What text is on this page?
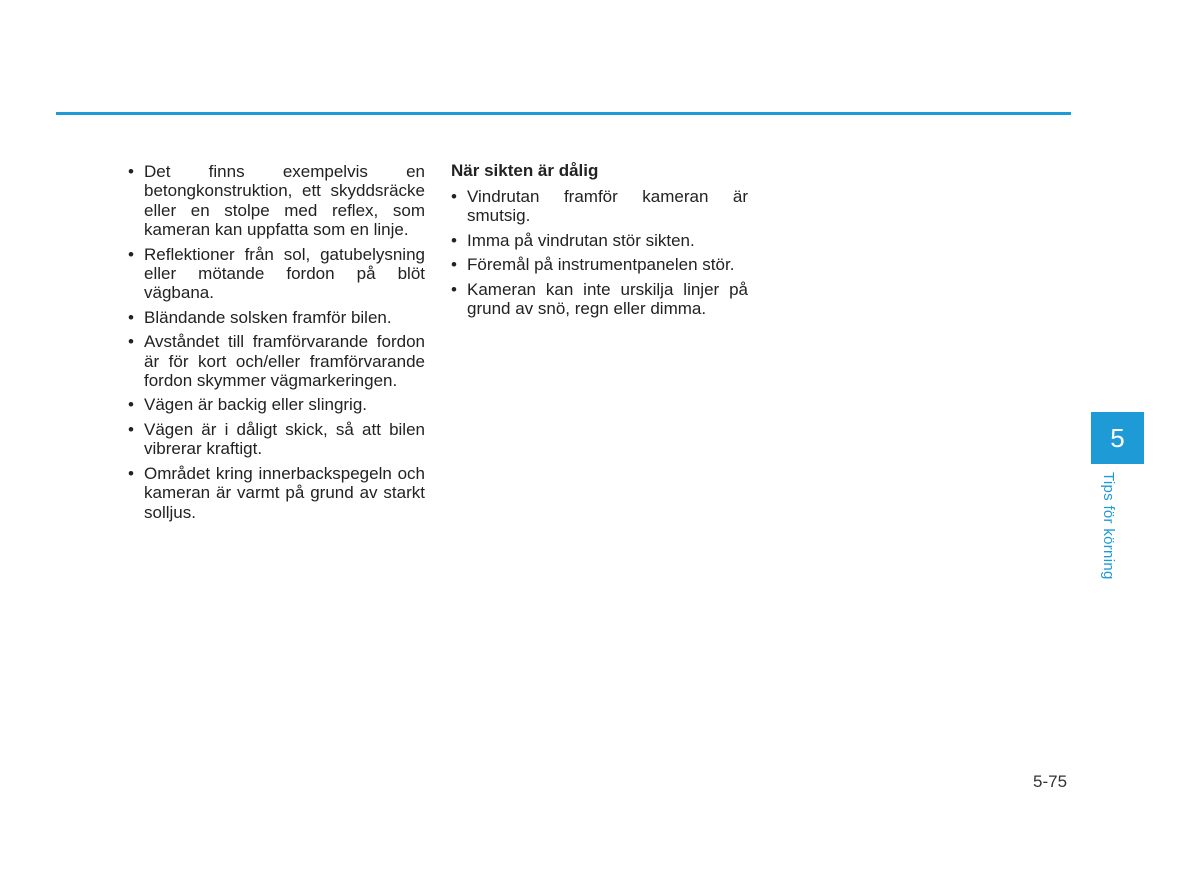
• Det finns exempelvis en betongkonstruktion, ett skyddsräcke eller en stolpe med reflex, som kameran kan uppfatta som en linje.
• Reflektioner från sol, gatubelysning eller mötande fordon på blöt vägbana.
• Bländande solsken framför bilen.
• Avståndet till framförvarande fordon är för kort och/eller framförvarande fordon skymmer vägmarkeringen.
• Vägen är backig eller slingrig.
• Vägen är i dåligt skick, så att bilen vibrerar kraftigt.
• Området kring innerbackspegeln och kameran är varmt på grund av starkt solljus.
När sikten är dålig
• Vindrutan framför kameran är smutsig.
• Imma på vindrutan stör sikten.
• Föremål på instrumentpanelen stör.
• Kameran kan inte urskilja linjer på grund av snö, regn eller dimma.
5
Tips för körning
5-75
